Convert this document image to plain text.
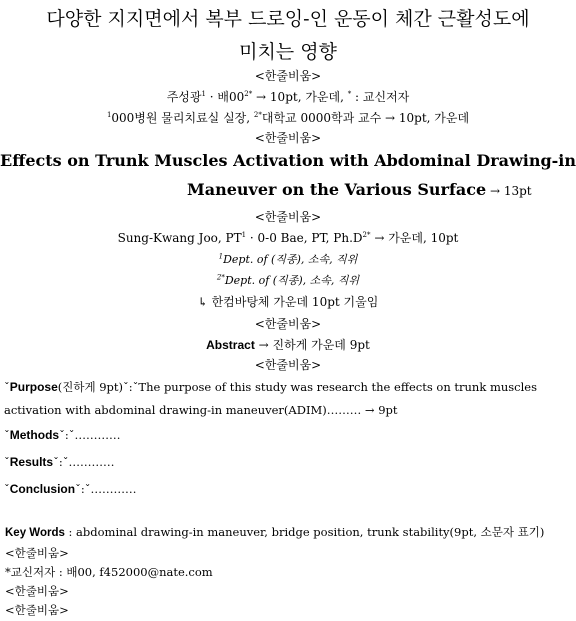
다양한 지지면에서 복부 드로잉-인 운동이 체간 근활성도에
미치는 영향
<한줄비움>
주성광$^1$ · 배$00^{2*} \to 10pt$, 가운데, * : 교신저자
$^1$000병원 물리치료실 실장, $^{2*}$대학교 0000학과 교수 → 10pt, 가운데
<한줄비움>
Effects on Trunk Muscles Activation with Abdominal Drawing-in
Maneuver on the Various Surface → 13pt
<한줄비움>
Sung-Kwang Joo, $PT^1 \cdot 0-0$ Bae, PT, $Ph.D^{2*}$ → 가운데, 10pt
$^1$Dept. of (직종), 소속, 직위
$^{2*}$Dept. of (직종), 소속, 직위
↳ 한컴바탕체 가운데 10pt 기울임
<한줄비움>
Abstract → 진하게 가운데 9pt
<한줄비움>
ˇPurpose(진하게 9pt)ˇ:ˇThe purpose of this study was research the effects on trunk muscles
activation with abdominal drawing-in maneuver(ADIM)……… → 9pt
ˇMethodsˇ:ˇ…………
ˇResultsˇ:ˇ…………
ˇConclusionˇ:ˇ…………
Key Words : abdominal drawing-in maneuver, bridge position, trunk stability(9pt, 소문자 표기)
<한줄비움>
*교신저자 : 배00, f452000@nate.com
<한줄비움>
<한줄비움>
